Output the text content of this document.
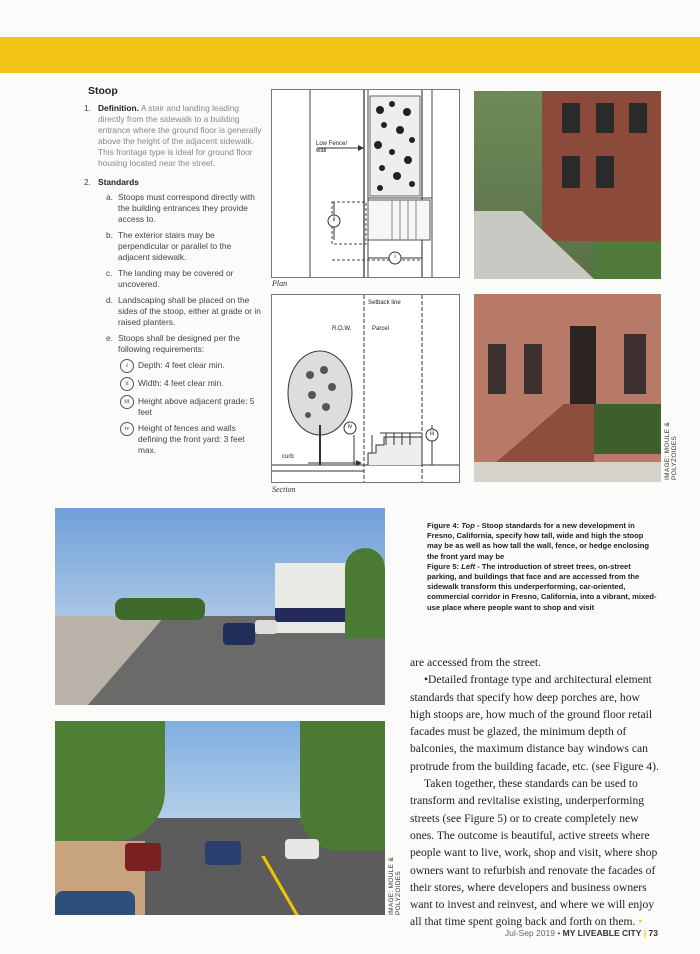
Stoop
1. Definition. A stair and landing leading directly from the sidewalk to a building entrance where the ground floor is generally above the height of the adjacent sidewalk. This frontage type is ideal for ground floor housing located near the street.
2. Standards
a. Stoops must correspond directly with the building entrances they provide access to.
b. The exterior stairs may be perpendicular or parallel to the adjacent sidewalk.
c. The landing may be covered or uncovered.
d. Landscaping shall be placed on the sides of the stoop, either at grade or in raised planters.
e. Stoops shall be designed per the following requirements:
i	Depth: 4 feet clear min.
ii	Width: 4 feet clear min.
iii Height above adjacent grade: 5 feet
iv	Height of fences and walls defining the front yard: 3 feet max.
Low Fence/
wall
ii
i
Plan
Setback line
R.O.W.	Parcel
curb
iv
iii
Section
IMAGE: MOULE & POLYZOIDES
IMAGE: MOULE & POLYZOIDES
Figure 4: Top - Stoop standards for a new development in Fresno, California, specify how tall, wide and high the stoop may be as well as how tall the wall, fence, or hedge enclosing the front yard may be
Figure 5: Left - The introduction of street trees, on-street parking, and buildings that face and are accessed from the sidewalk transform this underperforming, car-oriented, commercial corridor in Fresno, California, into a vibrant, mixed-use place where people want to shop and visit

are accessed from the street.

•Detailed frontage type and architectural element standards that specify how deep porches are, how high stoops are, how much of the ground floor retail facades must be glazed, the minimum depth of balconies, the maximum distance bay windows can protrude from the building facade, etc. (see Figure 4).

Taken together, these standards can be used to transform and revitalise existing, underperforming streets (see Figure 5) or to create completely new ones. The outcome is beautiful, active streets where people want to live, work, shop and visit, where shop owners want to refurbish and renovate the facades of their stores, where developers and business owners want to invest and reinvest, and where we will enjoy all that time spent going back and forth on them. •

Jul-Sep 2019 • MY LIVEABLE CITY | 73
